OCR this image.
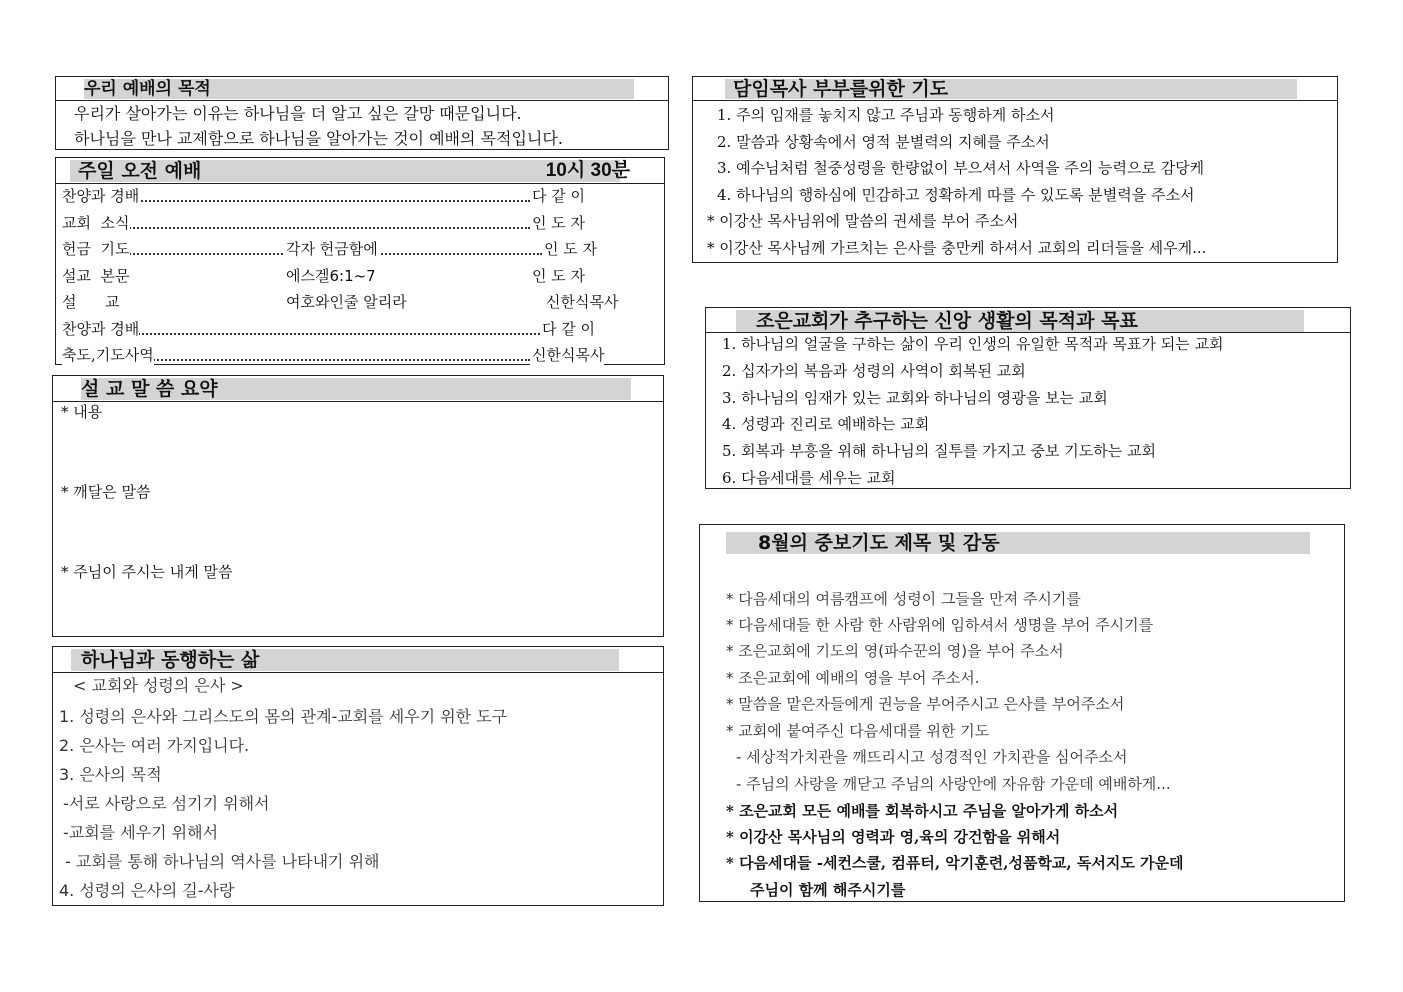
우리 예배의 목적
우리가 살아가는 이유는 하나님을 더 알고 싶은 갈망 때문입니다.
하나님을 만나 교제함으로 하나님을 알아가는 것이 예배의 목적입니다.
주일 오전 예배	10시 30분
찬양과 경배	다 같 이
교회  소식	인 도 자
헌금  기도	각자 헌금함에	인 도 자
설교  본문	에스겔6:1~7	인 도 자
설      교	여호와인줄 알리라	신한식목사
찬양과 경배	다 같 이
축도,기도사역	신한식목사
설 교 말 씀 요약
* 내용
* 깨달은 말씀
* 주님이 주시는 내게 말씀
하나님과 동행하는 삶
< 교회와 성령의 은사 >
1. 성령의 은사와 그리스도의 몸의 관계-교회를 세우기 위한 도구
2. 은사는 여러 가지입니다.
3. 은사의 목적
-서로 사랑으로 섬기기 위해서
-교회를 세우기 위해서
- 교회를 통해 하나님의 역사를 나타내기 위해
4. 성령의 은사의 길-사랑
담임목사 부부를위한 기도
1. 주의 임재를 놓치지 않고 주님과 동행하게 하소서
2. 말씀과 상황속에서 영적 분별력의 지혜를 주소서
3. 예수님처럼 철중성령을 한량없이 부으셔서 사역을 주의 능력으로 감당케
4. 하나님의 행하심에 민감하고 정확하게 따를 수 있도록 분별력을 주소서
* 이강산 목사님위에 말씀의 권세를 부어 주소서
* 이강산 목사님께 가르치는 은사를 충만케 하셔서 교회의 리더들을 세우게...
조은교회가 추구하는 신앙 생활의 목적과 목표
1. 하나님의 얼굴을 구하는 삶이 우리 인생의 유일한 목적과 목표가 되는 교회
2. 십자가의 복음과 성령의 사역이 회복된 교회
3. 하나님의 임재가 있는 교회와 하나님의 영광을 보는 교회
4. 성령과 진리로 예배하는 교회
5. 회복과 부흥을 위해 하나님의 질투를 가지고 중보 기도하는 교회
6. 다음세대를 세우는 교회
8월의 중보기도 제목 및 감동
* 다음세대의 여름캠프에 성령이 그들을 만져 주시기를
* 다음세대들 한 사람 한 사람위에 임하셔서 생명을 부어 주시기를
* 조은교회에 기도의 영(파수꾼의 영)을 부어 주소서
* 조은교회에 예배의 영을 부어 주소서.
* 말씀을 맡은자들에게 권능을 부어주시고 은사를 부어주소서
* 교회에 붙여주신 다음세대를 위한 기도
- 세상적가치관을 깨뜨리시고 성경적인 가치관을 심어주소서
- 주님의 사랑을 깨닫고 주님의 사랑안에 자유함 가운데 예배하게...
* 조은교회 모든 예배를 회복하시고 주님을 알아가게 하소서
* 이강산 목사님의 영력과 영,육의 강건함을 위해서
* 다음세대들 -세컨스쿨, 컴퓨터, 악기훈련,성품학교, 독서지도 가운데
주님이 함께 해주시기를
